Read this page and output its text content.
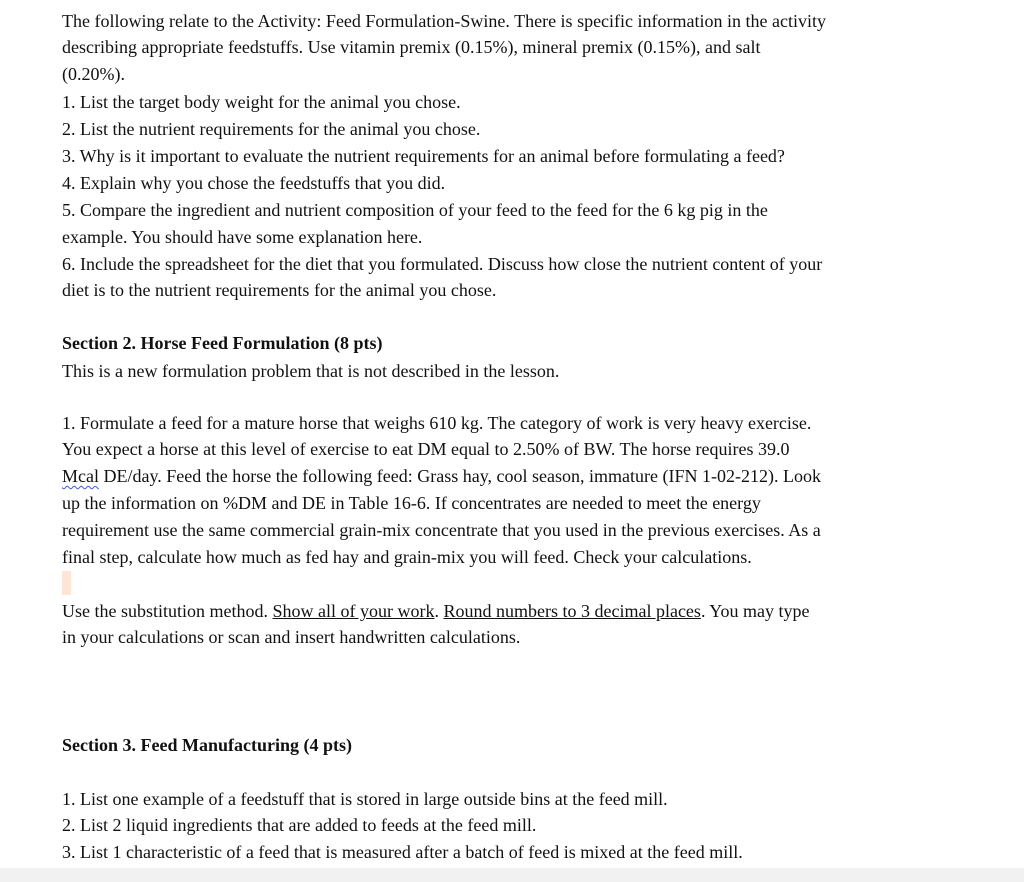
The following relate to the Activity: Feed Formulation-Swine. There is specific information in the activity
describing appropriate feedstuffs. Use vitamin premix (0.15%), mineral premix (0.15%), and salt
(0.20%).
1. List the target body weight for the animal you chose.
2. List the nutrient requirements for the animal you chose.
3. Why is it important to evaluate the nutrient requirements for an animal before formulating a feed?
4. Explain why you chose the feedstuffs that you did.
5. Compare the ingredient and nutrient composition of your feed to the feed for the 6 kg pig in the
example. You should have some explanation here.
6. Include the spreadsheet for the diet that you formulated. Discuss how close the nutrient content of your
diet is to the nutrient requirements for the animal you chose.
Section 2. Horse Feed Formulation (8 pts)
This is a new formulation problem that is not described in the lesson.
1. Formulate a feed for a mature horse that weighs 610 kg. The category of work is very heavy exercise.
You expect a horse at this level of exercise to eat DM equal to 2.50% of BW. The horse requires 39.0
Mcal DE/day. Feed the horse the following feed: Grass hay, cool season, immature (IFN 1-02-212). Look
up the information on %DM and DE in Table 16-6. If concentrates are needed to meet the energy
requirement use the same commercial grain-mix concentrate that you used in the previous exercises. As a
final step, calculate how much as fed hay and grain-mix you will feed. Check your calculations.
Use the substitution method. Show all of your work. Round numbers to 3 decimal places. You may type
in your calculations or scan and insert handwritten calculations.
Section 3. Feed Manufacturing (4 pts)
1. List one example of a feedstuff that is stored in large outside bins at the feed mill.
2. List 2 liquid ingredients that are added to feeds at the feed mill.
3. List 1 characteristic of a feed that is measured after a batch of feed is mixed at the feed mill.
